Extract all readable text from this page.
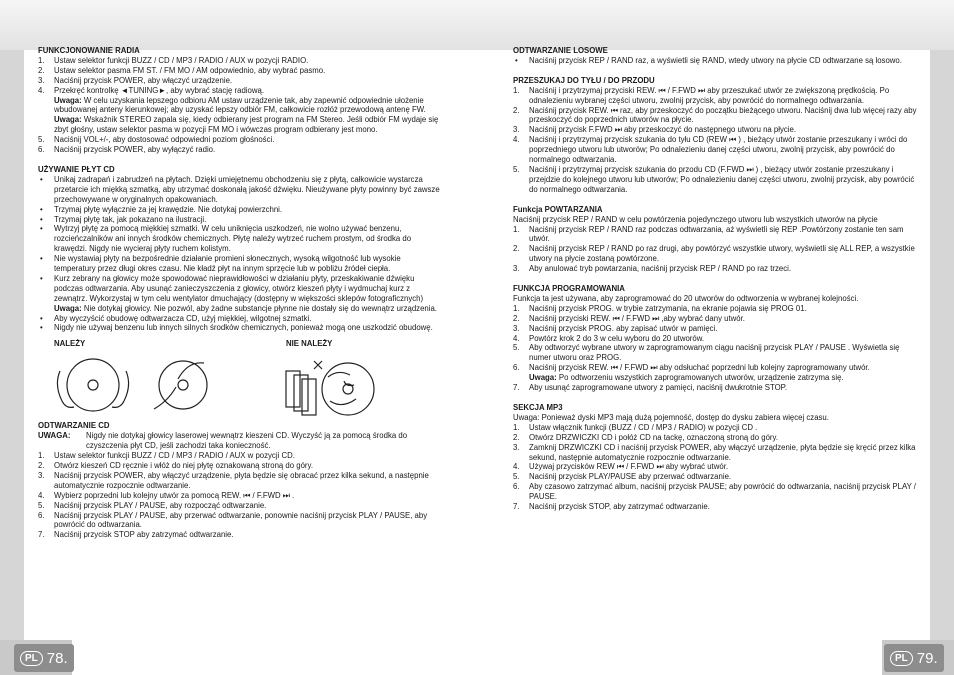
PL 78.	PL 79.
FUNKCJONOWANIE RADIA
1. Ustaw selektor funkcji BUZZ / CD / MP3 / RADIO / AUX w pozycji RADIO.
2. Ustaw selektor pasma FM ST. / FM MO / AM odpowiednio, aby wybrać pasmo.
3. Naciśnij przycisk POWER, aby włączyć urządzenie.
4. Przekręć kontrolkę ◄TUNING►, aby wybrać stację radiową.
Uwaga: W celu uzyskania lepszego odbioru AM ustaw urządzenie tak, aby zapewnić odpowiednie ułożenie wbudowanej anteny kierunkowej; aby uzyskać lepszy odbiór FM, całkowicie rozłóż przewodową antenę FW.
Uwaga: Wskaźnik STEREO zapala się, kiedy odbierany jest program na FM Stereo. Jeśli odbiór FM wydaje się zbyt głośny, ustaw selektor pasma w pozycji FM MO i wówczas program odbierany jest mono.
5. Naciśnij VOL+/-, aby dostosować odpowiedni poziom głośności.
6. Naciśnij przycisk POWER, aby wyłączyć radio.
UŻYWANIE PŁYT CD
• Unikaj zadrapań i zabrudzeń na płytach. Dzięki umiejętnemu obchodzeniu się z płytą, całkowicie wystarcza przetarcie ich miękką szmatką, aby utrzymać doskonałą jakość dźwięku. Nieużywane płyty powinny być zawsze przechowywane w oryginalnych opakowaniach.
• Trzymaj płytę wyłącznie za jej krawędzie. Nie dotykaj powierzchni.
• Trzymaj płytę tak, jak pokazano na ilustracji.
• Wytrzyj płytę za pomocą miękkiej szmatki. W celu uniknięcia uszkodzeń, nie wolno używać benzenu, rozcieńczalników ani innych środków chemicznych. Płytę należy wytrzeć ruchem prostym, od środka do krawędzi. Nigdy nie wycieraj płyty ruchem kolistym.
• Nie wystawiaj płyty na bezpośrednie działanie promieni słonecznych, wysoką wilgotność lub wysokie temperatury przez długi okres czasu. Nie kładź płyt na innym sprzęcie lub w pobliżu źródeł ciepła.
• Kurz zebrany na głowicy może spowodować nieprawidłowości w działaniu płyty, przeskakiwanie dźwięku podczas odtwarzania. Aby usunąć zanieczyszczenia z głowicy, otwórz kieszeń płyty i wydmuchaj kurz z zewnątrz. Wykorzystaj w tym celu wentylator dmuchający (dostępny w większości sklepów fotograficznych)
Uwaga: Nie dotykaj głowicy. Nie pozwól, aby żadne substancje płynne nie dostały się do wewnątrz urządzenia.
• Aby wyczyścić obudowę odtwarzacza CD, użyj miękkiej, wilgotnej szmatki.
• Nigdy nie używaj benzenu lub innych silnych środków chemicznych, ponieważ mogą one uszkodzić obudowę.
NALEŻY	NIE NALEŻY
ODTWARZANIE CD
UWAGA: Nigdy nie dotykaj głowicy laserowej wewnątrz kieszeni CD. Wyczyść ją za pomocą środka do czyszczenia płyt CD, jeśli zachodzi taka konieczność.
1. Ustaw selektor funkcji BUZZ / CD / MP3 / RADIO / AUX w pozycji CD.
2. Otwórz kieszeń CD ręcznie i włóż do niej płytę oznakowaną stroną do góry.
3. Naciśnij przycisk POWER, aby włączyć urządzenie, płyta będzie się obracać przez kilka sekund, a następnie automatycznie rozpocznie odtwarzanie.
4. Wybierz poprzedni lub kolejny utwór za pomocą REW. ⏮ / F.FWD ⏭ .
5. Naciśnij przycisk PLAY / PAUSE, aby rozpocząć odtwarzanie.
6. Naciśnij przycisk PLAY / PAUSE, aby przerwać odtwarzanie, ponownie naciśnij przycisk PLAY / PAUSE, aby powrócić do odtwarzania.
7. Naciśnij przycisk STOP aby zatrzymać odtwarzanie.
ODTWARZANIE LOSOWE
• Naciśnij przycisk REP / RAND raz, a wyświetli się RAND, wtedy utwory na płycie CD odtwarzane są losowo.
PRZESZUKAJ DO TYŁU / DO PRZODU
1. Naciśnij i przytrzymaj przyciski REW. ⏮ / F.FWD ⏭ aby przeszukać utwór ze zwiększoną prędkością. Po odnalezieniu wybranej części utworu, zwolnij przycisk, aby powrócić do normalnego odtwarzania.
2. Naciśnij przycisk REW. ⏮ raz, aby przeskoczyć do początku bieżącego utworu. Naciśnij dwa lub więcej razy aby przeskoczyć do poprzednich utworów na płycie.
3. Naciśnij przycisk F.FWD ⏭ aby przeskoczyć do następnego utworu na płycie.
4. Naciśnij i przytrzymaj przycisk szukania do tyłu CD (REW ⏮ ) , bieżący utwór zostanie przeszukany i wróci do poprzedniego utworu lub utworów; Po odnalezieniu danej części utworu, zwolnij przycisk, aby powrócić do normalnego odtwarzania.
5. Naciśnij i przytrzymaj przycisk szukania do przodu CD (F.FWD ⏭ ) , bieżący utwór zostanie przeszukany i przejdzie do kolejnego utworu lub utworów; Po odnalezieniu danej części utworu, zwolnij przycisk, aby powrócić do normalnego odtwarzania.
Funkcja POWTARZANIA
Naciśnij przycisk REP / RAND w celu powtórzenia pojedynczego utworu lub wszystkich utworów na płycie
1. Naciśnij przycisk REP / RAND raz podczas odtwarzania, aż wyświetli się REP .Powtórzony zostanie ten sam utwór.
2. Naciśnij przycisk REP / RAND po raz drugi, aby powtórzyć wszystkie utwory, wyświetli się ALL REP, a wszystkie utwory na płycie zostaną powtórzone.
3. Aby anulować tryb powtarzania, naciśnij przycisk REP / RAND po raz trzeci.
FUNKCJA PROGRAMOWANIA
Funkcja ta jest używana, aby zaprogramować do 20 utworów do odtworzenia w wybranej kolejności.
1. Naciśnij przycisk PROG. w trybie zatrzymania, na ekranie pojawia się PROG 01.
2. Naciśnij przyciski REW. ⏮ / F.FWD ⏭ ,aby wybrać dany utwór.
3. Naciśnij przycisk PROG. aby zapisać utwór w pamięci.
4. Powtórz krok 2 do 3 w celu wyboru do 20 utworów.
5. Aby odtworzyć wybrane utwory w zaprogramowanym ciągu naciśnij przycisk PLAY / PAUSE . Wyświetla się numer utworu oraz PROG.
6. Naciśnij przycisk REW. ⏮ / F.FWD ⏭ aby odsłuchać poprzedni lub kolejny zaprogramowany utwór.
Uwaga: Po odtworzeniu wszystkich zaprogramowanych utworów, urządzenie zatrzyma się.
7. Aby usunąć zaprogramowane utwory z pamięci, naciśnij dwukrotnie STOP.
SEKCJA MP3
Uwaga: Ponieważ dyski MP3 mają dużą pojemność, dostęp do dysku zabiera więcej czasu.
1. Ustaw włącznik funkcji (BUZZ / CD / MP3 / RADIO) w pozycji CD .
2. Otwórz DRZWICZKI CD i połóż CD na tackę, oznaczoną stroną do góry.
3. Zamknij DRZWICZKI CD i naciśnij przycisk POWER, aby włączyć urządzenie, płyta będzie się kręcić przez kilka sekund, następnie automatycznie rozpocznie odtwarzanie.
4. Używaj przycisków REW ⏮ / F.FWD ⏭ aby wybrać utwór.
5. Naciśnij przycisk PLAY/PAUSE aby przerwać odtwarzanie.
6. Aby czasowo zatrzymać album, naciśnij przycisk PAUSE; aby powrócić do odtwarzania, naciśnij przycisk PLAY / PAUSE.
7. Naciśnij przycisk STOP, aby zatrzymać odtwarzanie.
